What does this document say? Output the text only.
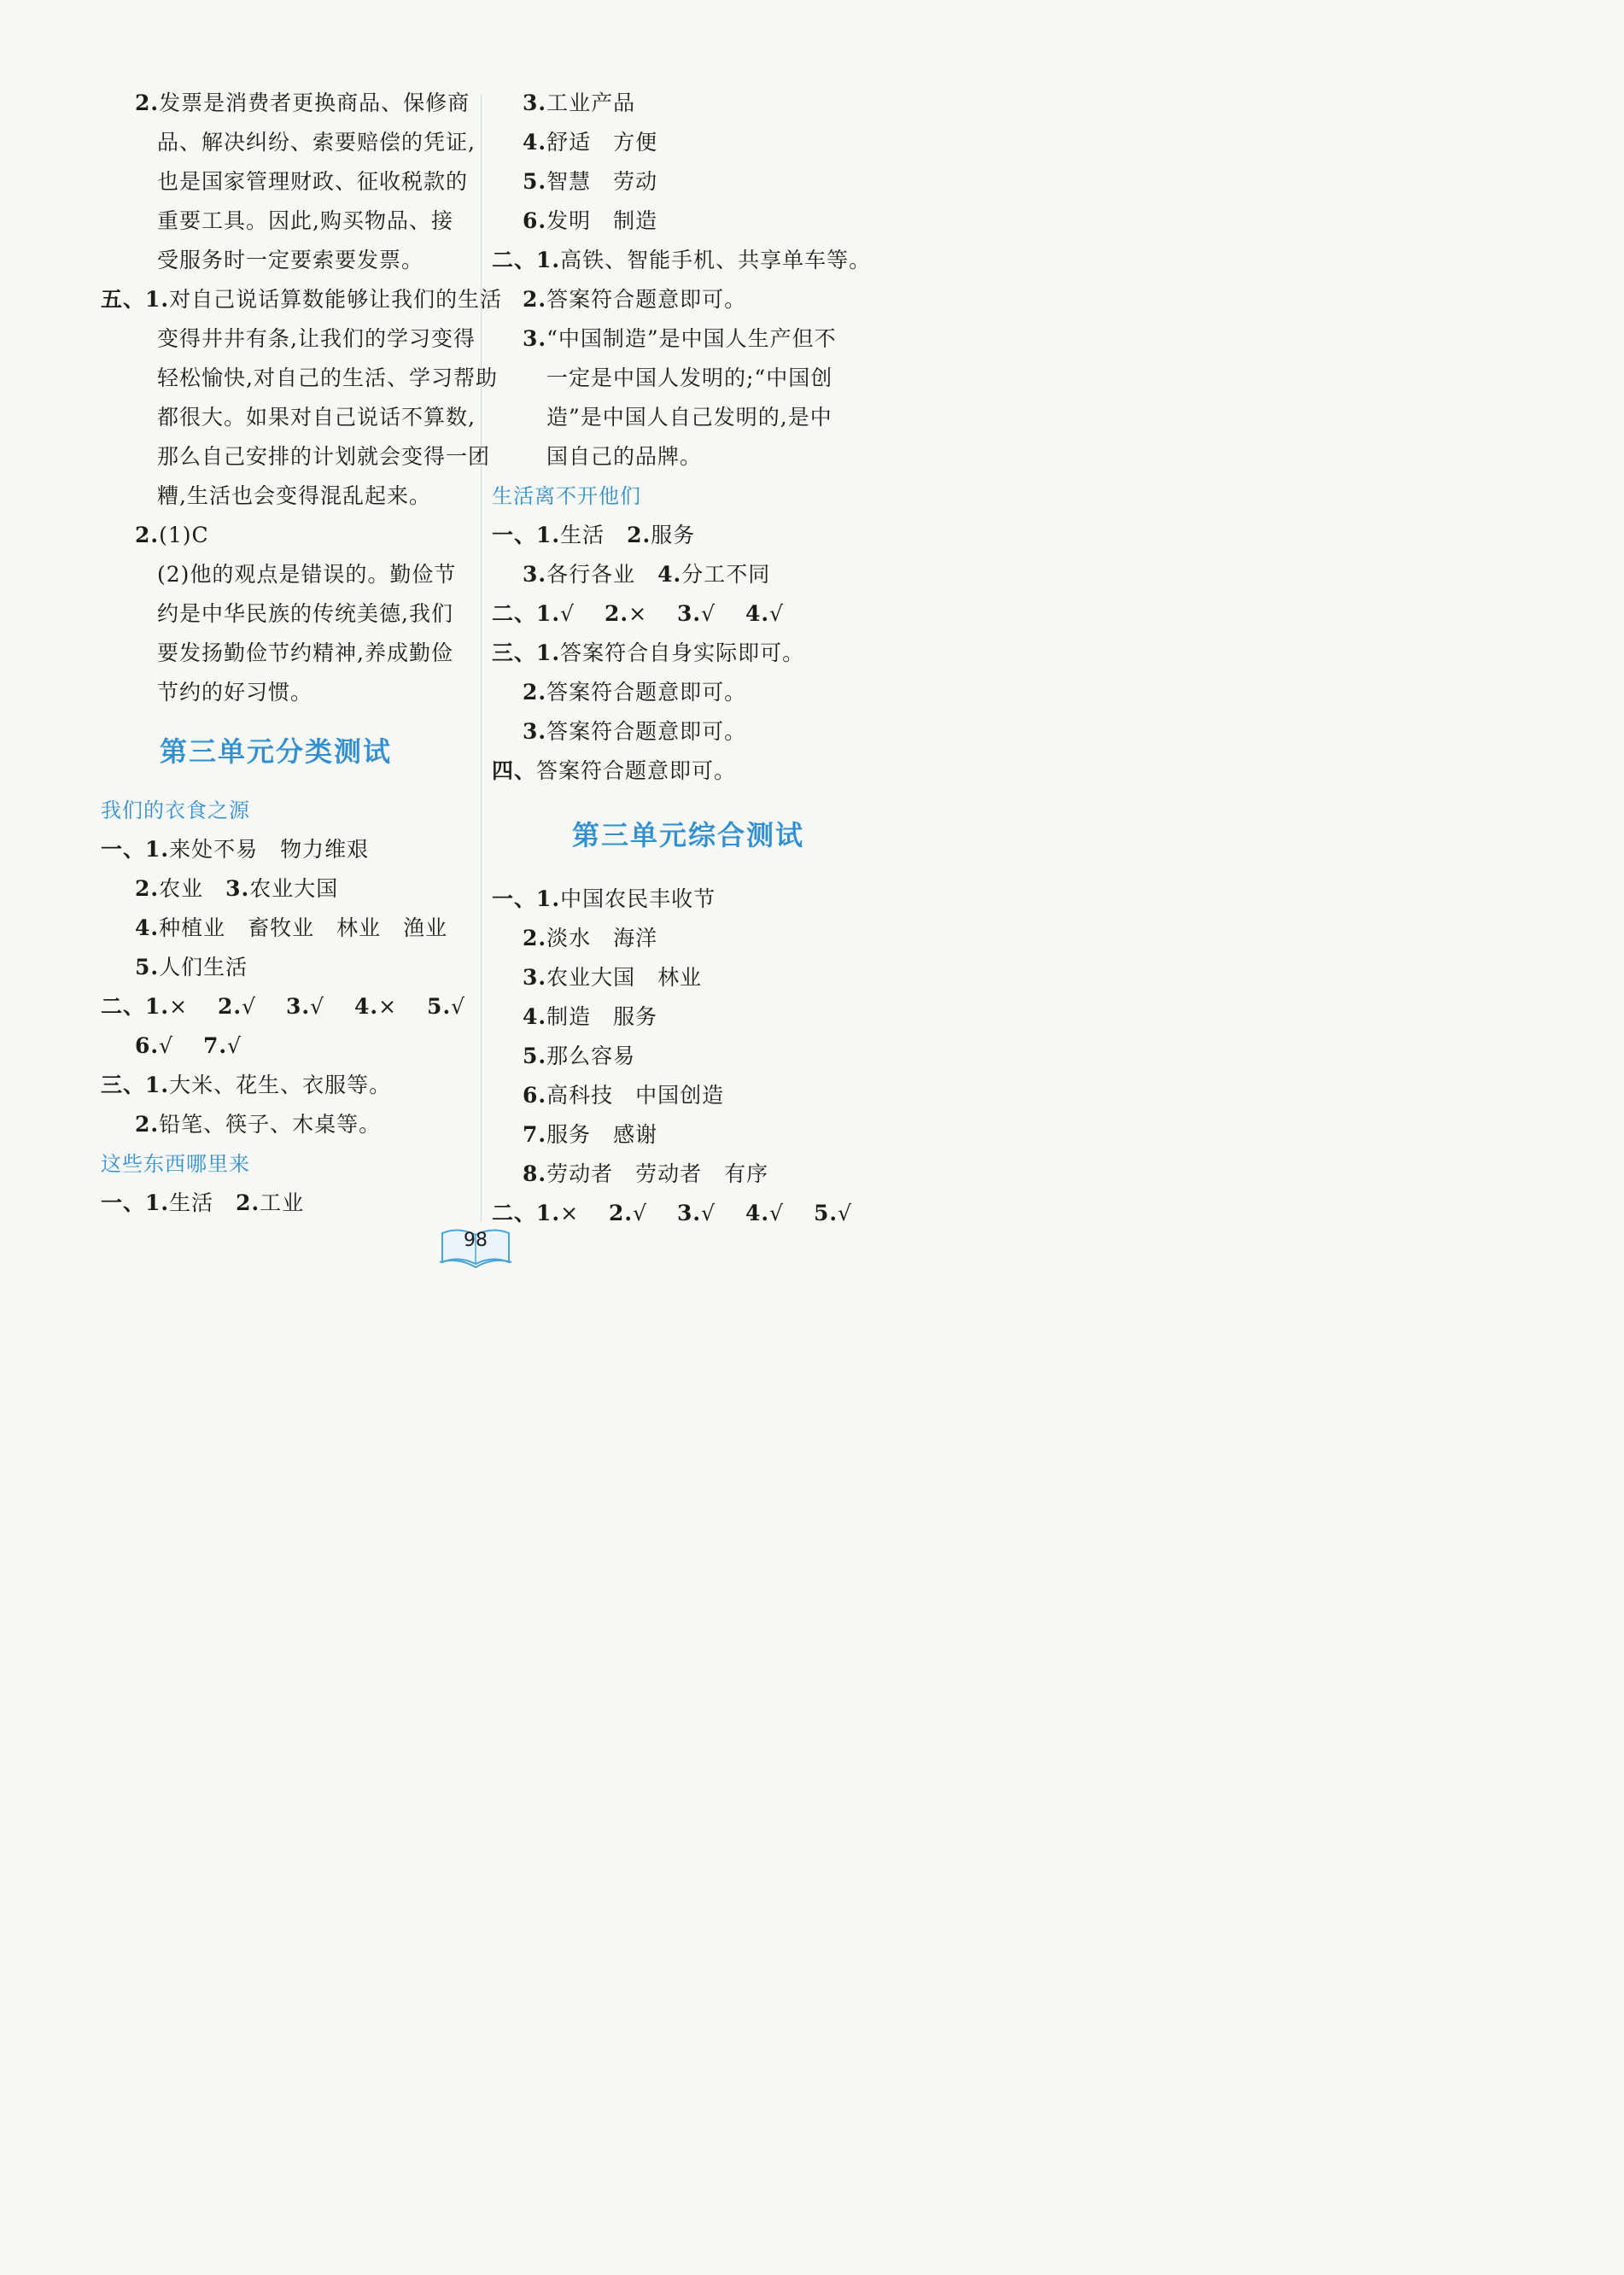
2.发票是消费者更换商品、保修商
品、解决纠纷、索要赔偿的凭证,
也是国家管理财政、征收税款的
重要工具。因此,购买物品、接
受服务时一定要索要发票。
五、1.对自己说话算数能够让我们的生活
变得井井有条,让我们的学习变得
轻松愉快,对自己的生活、学习帮助
都很大。如果对自己说话不算数,
那么自己安排的计划就会变得一团
糟,生活也会变得混乱起来。
2.(1)C
(2)他的观点是错误的。勤俭节
约是中华民族的传统美德,我们
要发扬勤俭节约精神,养成勤俭
节约的好习惯。
第三单元分类测试
我们的衣食之源
一、1.来处不易　物力维艰
2.农业 3.农业大国
4.种植业　畜牧业　林业　渔业
5.人们生活
二、1.× 2.√ 3.√ 4.× 5.√
6.√ 7.√
三、1.大米、花生、衣服等。
2.铅笔、筷子、木桌等。
这些东西哪里来
一、1.生活 2.工业
3.工业产品
4.舒适　方便
5.智慧　劳动
6.发明　制造
二、1.高铁、智能手机、共享单车等。
2.答案符合题意即可。
3.“中国制造”是中国人生产但不
一定是中国人发明的;“中国创
造”是中国人自己发明的,是中
国自己的品牌。
生活离不开他们
一、1.生活 2.服务
3.各行各业 4.分工不同
二、1.√ 2.× 3.√ 4.√
三、1.答案符合自身实际即可。
2.答案符合题意即可。
3.答案符合题意即可。
四、答案符合题意即可。
第三单元综合测试
一、1.中国农民丰收节
2.淡水　海洋
3.农业大国　林业
4.制造　服务
5.那么容易
6.高科技　中国创造
7.服务　感谢
8.劳动者　劳动者　有序
二、1.× 2.√ 3.√ 4.√ 5.√
98
